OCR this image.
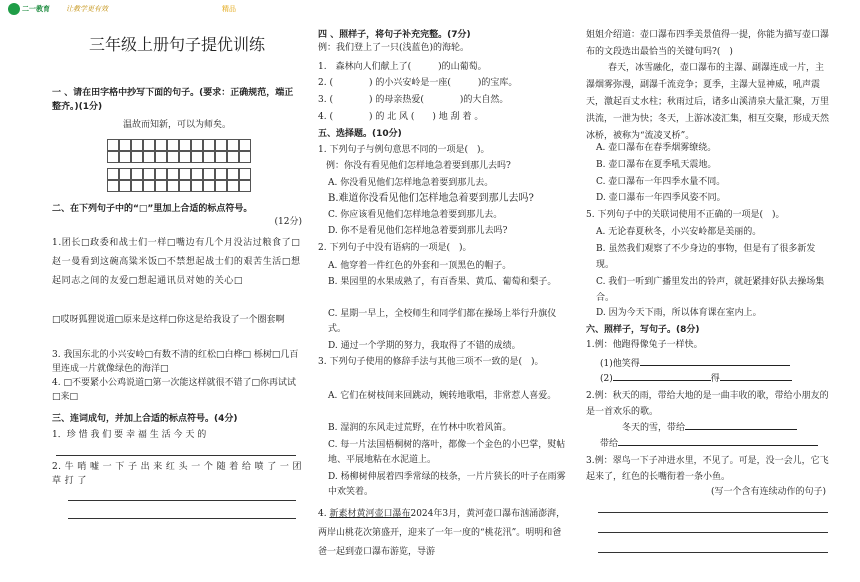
二一教育 让教学更有效	精品
三年级上册句子提优训练
一 、请在田字格中抄写下面的句子。(要求：正确规范，端正整齐。)(1分)
温故而知新，可以为师矣。
二、在下列句子中的“□”里加上合适的标点符号。
(12分)
1.团长□政委和战士们一样□嘴边有几个月没沾过粮食了□赵一曼看到这碗高粱米饭□不禁想起战士们的艰苦生活□想起同志之间的友爱□想起通讯员对她的关心□
□哎呀狐狸说道□原来是这样□你这是给我设了一个圈套啊
3. 我国东北的小兴安岭□有数不清的红松□白桦□ 栎树□几百里连成一片就像绿色的海洋□
4. □不要紧小公鸡说道□第一次能这样就很不错了□你再试试□来□
三、连词成句，并加上合适的标点符号。(4分)
1．珍 惜 我 们 要 幸 福 生 活 今 天 的
2. 牛 哨 嘘 一 下 子 出 来 红 头 一 个 随 着 给 喷 了 一 团 草 打 了
四 、照样子，将句子补充完整。(7分)
例：我们登上了一只(浅蓝色)的海轮。
1.　森林向人们献上了(　　　)的山葡萄。
2. (　　　　) 的小兴安岭是一座(　　　)的宝库。
3. (　　　　) 的母亲热爱(　　　　)的大自然。
4. (　　　　) 的 北 风 (　　) 地 刮 着 。
五、选择题。(10分)
1. 下列句子与例句意思不同的一项是(　)。
例：你没有看见他们怎样地急着要到那儿去吗?
A. 你没看见他们怎样地急着要到那儿去。
B.难道你没看见他们怎样地急着要到那儿去吗?
C. 你应该看见他们怎样地急着要到那儿去。
D. 你不是看见他们怎样地急着要到那儿去吗?
2. 下列句子中没有语病的一项是(　)。
A. 他穿着一件红色的外套和一顶黑色的帽子。
B. 果园里的水果成熟了，有百香果、黄瓜、葡萄和梨子。
C. 星期一早上，全校师生和同学们都在操场上举行升旗仪式。
D. 通过一个学期的努力，我取得了不错的成绩。
3. 下列句子使用的修辞手法与其他三项不一致的是(　)。
A. 它们在树枝间来回跳动，婉转地歌唱，非常惹人喜爱。
B. 湿润的东风走过荒野，在竹林中吹着风笛。
C. 每一片法国梧桐树的落叶，都像一个金色的小巴掌，熨帖地、平展地粘在水泥道上。
D. 杨柳树伸展着四季常绿的枝条，一片片狭长的叶子在雨雾中欢笑着。
4. 新素材黄河壶口瀑布2024年3月，黄河壶口瀑布汹涌澎湃，两岸山桃花次第盛开，迎来了一年一度的“桃花汛”。明明和爸爸一起到壶口瀑布游览，导游
姐姐介绍道：壶口瀑布四季美景值得一提，你能为描写壶口瀑布的文段选出最恰当的关键句吗?(　)
春天，冰雪融化，壶口瀑布的主瀑、副瀑连成一片，主瀑烟雾弥漫，副瀑千流竞争；夏季，主瀑大显神威，吼声震天，激起百丈水柱；秋雨过后，诸多山溪清泉大量汇聚，万里洪流，一泄为快；冬天，上游冰凌汇集，相互交聚，形成天然冰桥，被称为“流凌叉桥”。
A. 壶口瀑布在春季烟雾缭绕。
B. 壶口瀑布在夏季吼天震地。
C. 壶口瀑布一年四季水量不同。
D. 壶口瀑布一年四季风姿不同。
5. 下列句子中的关联词使用不正确的一项是(　)。
A. 无论春夏秋冬，小兴安岭都是美丽的。
B. 虽然我们观察了不少身边的事物，但是有了很多新发现。
C. 我们一听到广播里发出的铃声，就赶紧排好队去操场集合。
D. 因为今天下雨，所以体育课在室内上。
六、照样子，写句子。(8分)
1.例：他跑得像兔子一样快。
(1)他笑得
(2)	得
2.例：秋天的雨，带给大地的是一曲丰收的歌，带给小朋友的是一首欢乐的歌。
冬天的雪，带给
带给
3.例：翠鸟一下子冲进水里，不见了。可是，没一会儿，它飞起来了，红色的长嘴衔着一条小鱼。
(写一个含有连续动作的句子)
